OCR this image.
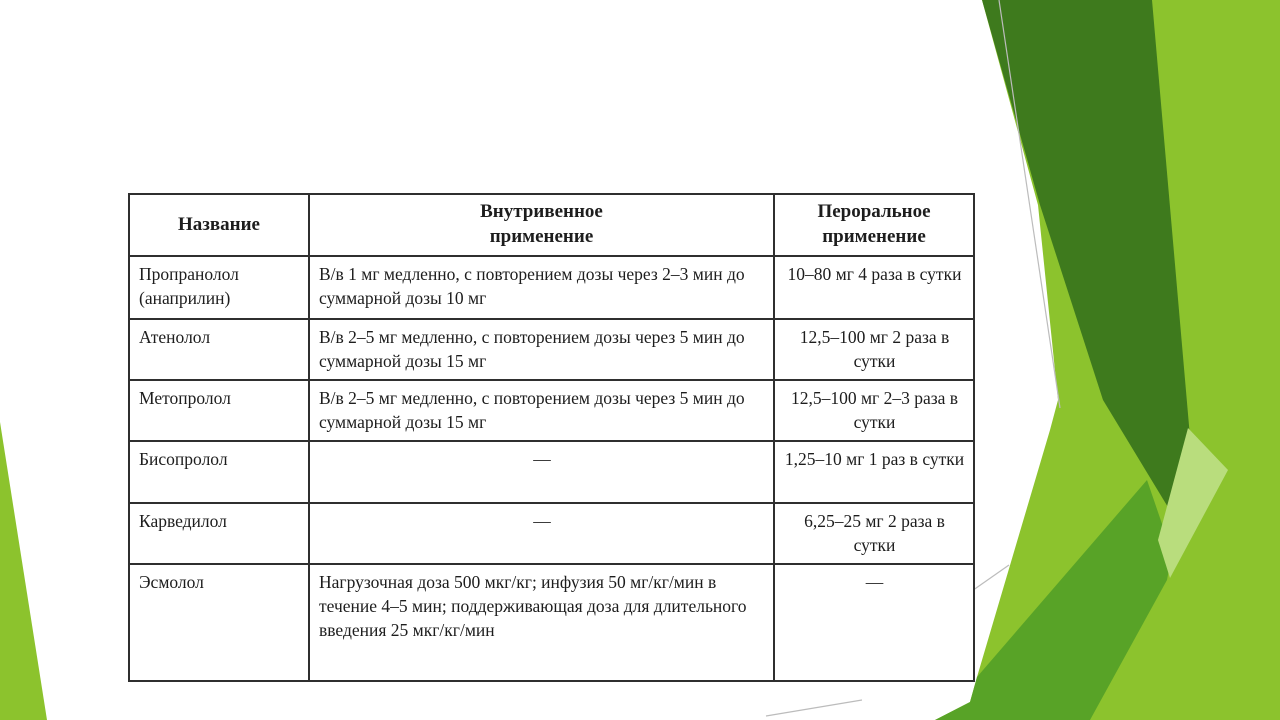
Название	Внутривенное применение	Пероральное применение

Пропранолол (анаприлин)	В/в 1 мг медленно, с повторением дозы через 2–3 мин до суммарной дозы 10 мг	10–80 мг 4 раза в сутки
Атенолол	В/в 2–5 мг медленно, с повторением дозы через 5 мин до суммарной дозы 15 мг	12,5–100 мг 2 раза в сутки
Метопролол	В/в 2–5 мг медленно, с повторением дозы через 5 мин до суммарной дозы 15 мг	12,5–100 мг 2–3 раза в сутки
Бисопролол	—	1,25–10 мг 1 раз в сутки
Карведилол	—	6,25–25 мг 2 раза в сутки
Эсмолол	Нагрузочная доза 500 мкг/кг; инфузия 50 мг/кг/мин в течение 4–5 мин; поддерживающая доза для длительного введения 25 мкг/кг/мин	—
